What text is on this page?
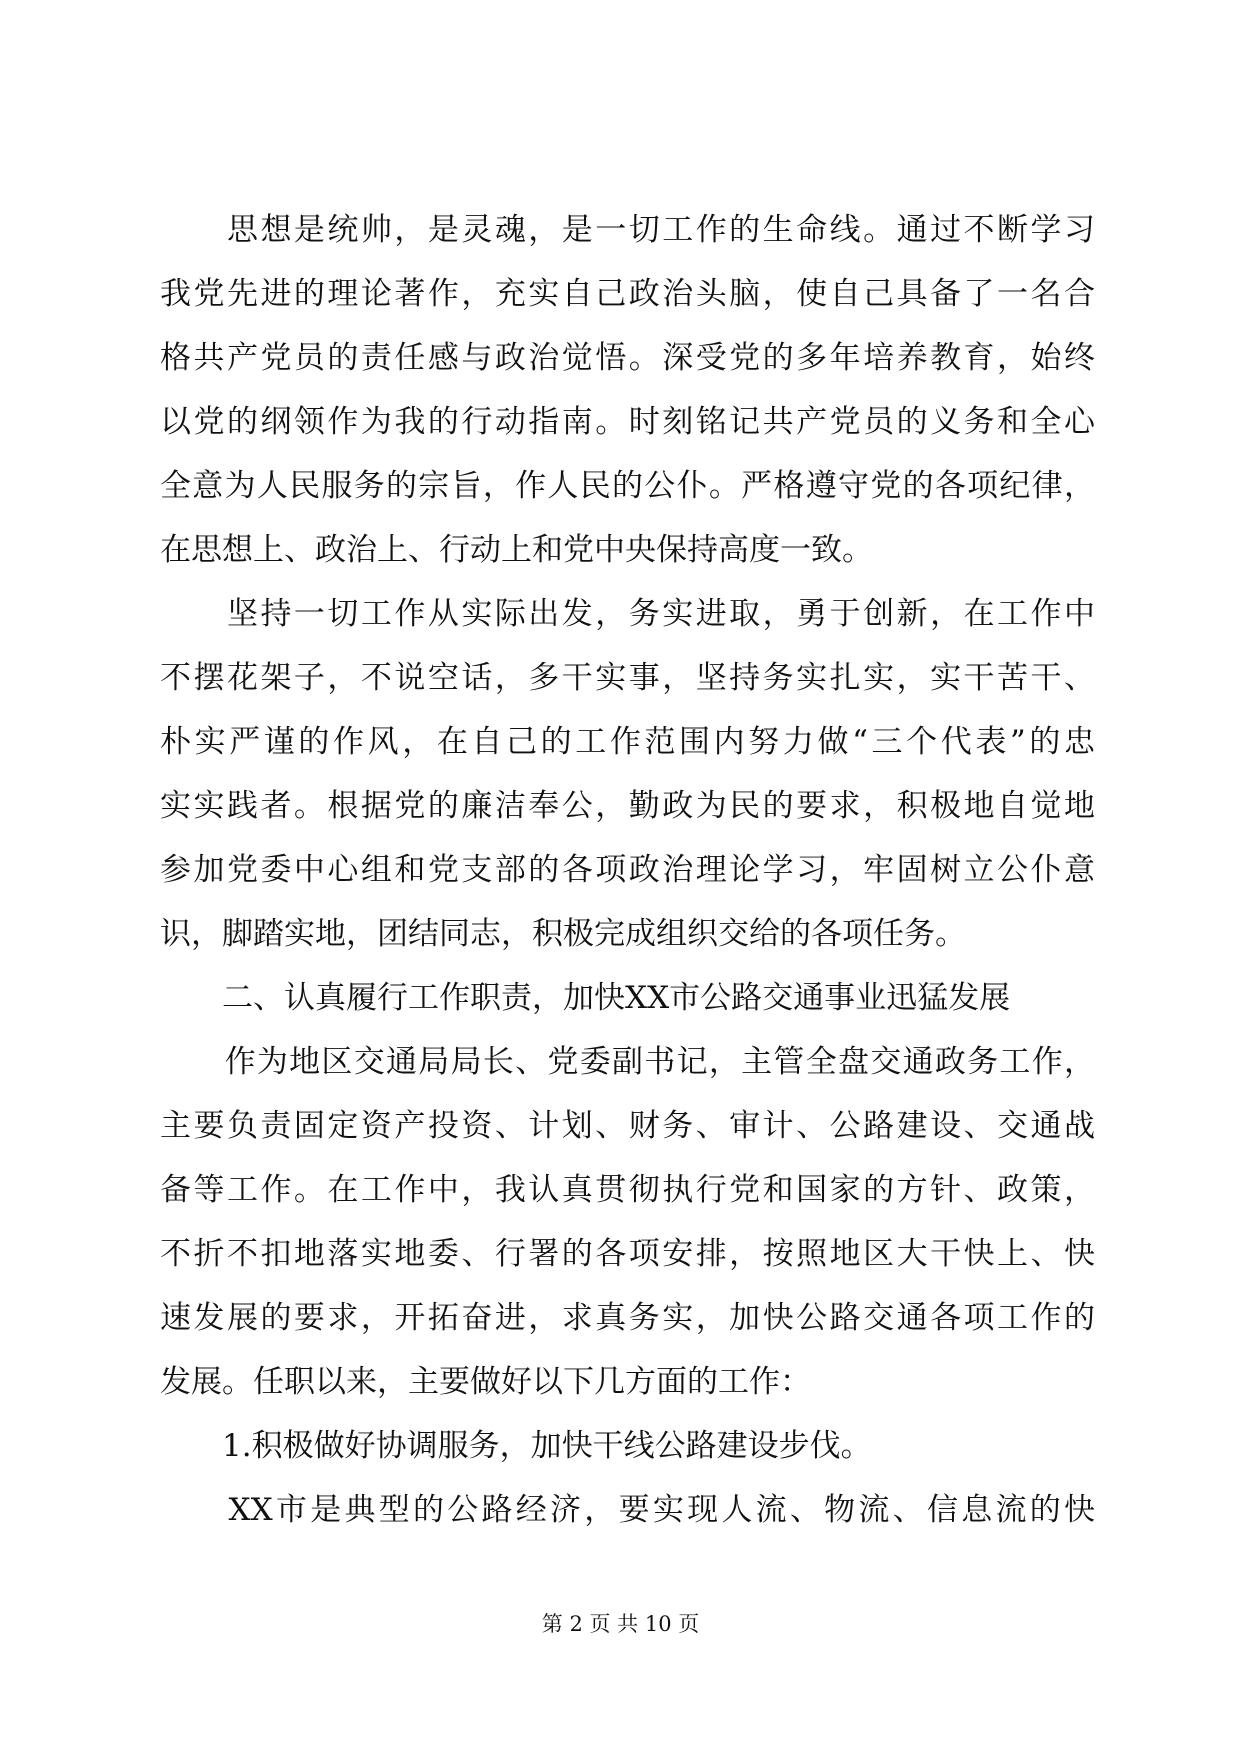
　　思想是统帅，是灵魂，是一切工作的生命线。通过不断学习
我党先进的理论著作，充实自己政治头脑，使自己具备了一名合
格共产党员的责任感与政治觉悟。深受党的多年培养教育，始终
以党的纲领作为我的行动指南。时刻铭记共产党员的义务和全心
全意为人民服务的宗旨，作人民的公仆。严格遵守党的各项纪律，
在思想上、政治上、行动上和党中央保持高度一致。
　　坚持一切工作从实际出发，务实进取，勇于创新，在工作中
不摆花架子，不说空话，多干实事，坚持务实扎实，实干苦干、
朴实严谨的作风，在自己的工作范围内努力做“三个代表”的忠
实实践者。根据党的廉洁奉公，勤政为民的要求，积极地自觉地
参加党委中心组和党支部的各项政治理论学习，牢固树立公仆意
识，脚踏实地，团结同志，积极完成组织交给的各项任务。
　　二、认真履行工作职责，加快XX市公路交通事业迅猛发展
　　作为地区交通局局长、党委副书记，主管全盘交通政务工作，
主要负责固定资产投资、计划、财务、审计、公路建设、交通战
备等工作。在工作中，我认真贯彻执行党和国家的方针、政策，
不折不扣地落实地委、行署的各项安排，按照地区大干快上、快
速发展的要求，开拓奋进，求真务实，加快公路交通各项工作的
发展。任职以来，主要做好以下几方面的工作：
　　1.积极做好协调服务，加快干线公路建设步伐。
　　XX市是典型的公路经济，要实现人流、物流、信息流的快
第 2 页 共 10 页
